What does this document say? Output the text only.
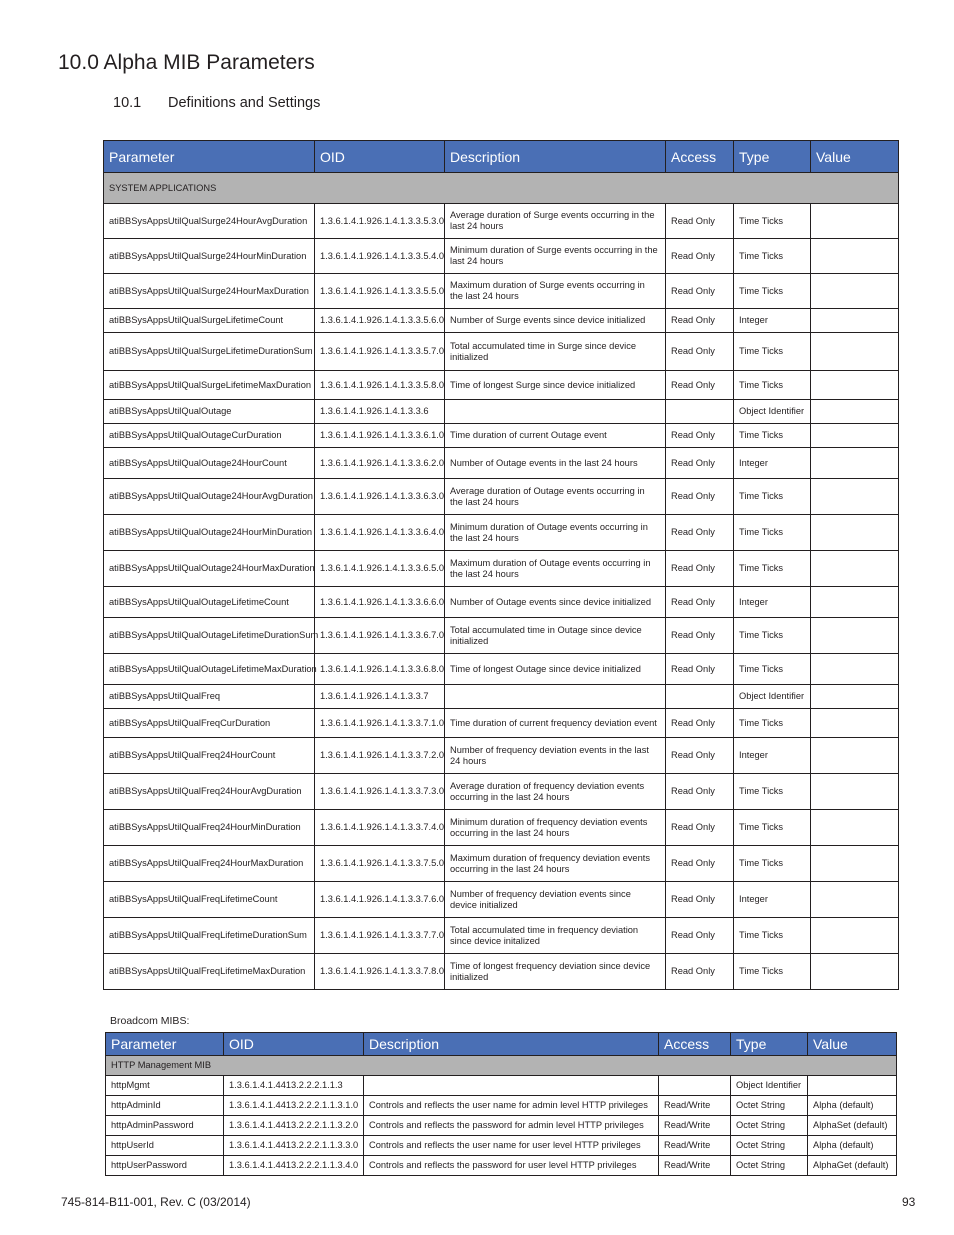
10.0 Alpha MIB Parameters
10.1 Definitions and Settings
Parameter	OID	Description	Access	Type	Value
SYSTEM APPLICATIONS					
atiBBSysAppsUtilQualSurge24HourAvgDuration	1.3.6.1.4.1.926.1.4.1.3.3.5.3.0	Average duration of Surge events occurring in the last 24 hours	Read Only	Time Ticks	
atiBBSysAppsUtilQualSurge24HourMinDuration	1.3.6.1.4.1.926.1.4.1.3.3.5.4.0	Minimum duration of Surge events occurring in the last 24 hours	Read Only	Time Ticks	
atiBBSysAppsUtilQualSurge24HourMaxDuration	1.3.6.1.4.1.926.1.4.1.3.3.5.5.0	Maximum duration of Surge events occurring in the last 24 hours	Read Only	Time Ticks	
atiBBSysAppsUtilQualSurgeLifetimeCount	1.3.6.1.4.1.926.1.4.1.3.3.5.6.0	Number of Surge events since device initialized	Read Only	Integer	
atiBBSysAppsUtilQualSurgeLifetimeDurationSum	1.3.6.1.4.1.926.1.4.1.3.3.5.7.0	Total accumulated time in Surge since device initialized	Read Only	Time Ticks	
atiBBSysAppsUtilQualSurgeLifetimeMaxDuration	1.3.6.1.4.1.926.1.4.1.3.3.5.8.0	Time of longest Surge since device initialized	Read Only	Time Ticks	
atiBBSysAppsUtilQualOutage	1.3.6.1.4.1.926.1.4.1.3.3.6			Object Identifier	
atiBBSysAppsUtilQualOutageCurDuration	1.3.6.1.4.1.926.1.4.1.3.3.6.1.0	Time duration of current Outage event	Read Only	Time Ticks	
atiBBSysAppsUtilQualOutage24HourCount	1.3.6.1.4.1.926.1.4.1.3.3.6.2.0	Number of Outage events in the last 24 hours	Read Only	Integer	
atiBBSysAppsUtilQualOutage24HourAvgDuration	1.3.6.1.4.1.926.1.4.1.3.3.6.3.0	Average duration of Outage events occurring in the last 24 hours	Read Only	Time Ticks	
atiBBSysAppsUtilQualOutage24HourMinDuration	1.3.6.1.4.1.926.1.4.1.3.3.6.4.0	Minimum duration of Outage events occurring in the last 24 hours	Read Only	Time Ticks	
atiBBSysAppsUtilQualOutage24HourMaxDuration	1.3.6.1.4.1.926.1.4.1.3.3.6.5.0	Maximum duration of Outage events occurring in the last 24 hours	Read Only	Time Ticks	
atiBBSysAppsUtilQualOutageLifetimeCount	1.3.6.1.4.1.926.1.4.1.3.3.6.6.0	Number of Outage events since device initialized	Read Only	Integer	
atiBBSysAppsUtilQualOutageLifetimeDurationSum	1.3.6.1.4.1.926.1.4.1.3.3.6.7.0	Total accumulated time in Outage since device initialized	Read Only	Time Ticks	
atiBBSysAppsUtilQualOutageLifetimeMaxDuration	1.3.6.1.4.1.926.1.4.1.3.3.6.8.0	Time of longest Outage since device initialized	Read Only	Time Ticks	
atiBBSysAppsUtilQualFreq	1.3.6.1.4.1.926.1.4.1.3.3.7			Object Identifier	
atiBBSysAppsUtilQualFreqCurDuration	1.3.6.1.4.1.926.1.4.1.3.3.7.1.0	Time duration of current frequency deviation event	Read Only	Time Ticks	
atiBBSysAppsUtilQualFreq24HourCount	1.3.6.1.4.1.926.1.4.1.3.3.7.2.0	Number of frequency deviation events in the last 24 hours	Read Only	Integer	
atiBBSysAppsUtilQualFreq24HourAvgDuration	1.3.6.1.4.1.926.1.4.1.3.3.7.3.0	Average duration of frequency deviation events occurring in the last 24 hours	Read Only	Time Ticks	
atiBBSysAppsUtilQualFreq24HourMinDuration	1.3.6.1.4.1.926.1.4.1.3.3.7.4.0	Minimum duration of frequency deviation events occurring in the last 24 hours	Read Only	Time Ticks	
atiBBSysAppsUtilQualFreq24HourMaxDuration	1.3.6.1.4.1.926.1.4.1.3.3.7.5.0	Maximum duration of frequency deviation events occurring in the last 24 hours	Read Only	Time Ticks	
atiBBSysAppsUtilQualFreqLifetimeCount	1.3.6.1.4.1.926.1.4.1.3.3.7.6.0	Number of frequency deviation events since device initialized	Read Only	Integer	
atiBBSysAppsUtilQualFreqLifetimeDurationSum	1.3.6.1.4.1.926.1.4.1.3.3.7.7.0	Total accumulated time in frequency deviation since device initalized	Read Only	Time Ticks	
atiBBSysAppsUtilQualFreqLifetimeMaxDuration	1.3.6.1.4.1.926.1.4.1.3.3.7.8.0	Time of longest frequency deviation since device initialized	Read Only	Time Ticks	
Broadcom MIBS:
Parameter	OID	Description	Access	Type	Value
HTTP Management MIB					
httpMgmt	1.3.6.1.4.1.4413.2.2.2.1.1.3			Object Identifier	
httpAdminId	1.3.6.1.4.1.4413.2.2.2.1.1.3.1.0	Controls and reflects the user name for admin level HTTP privileges	Read/Write	Octet String	Alpha (default)
httpAdminPassword	1.3.6.1.4.1.4413.2.2.2.1.1.3.2.0	Controls and reflects the password for admin level HTTP privileges	Read/Write	Octet String	AlphaSet (default)
httpUserId	1.3.6.1.4.1.4413.2.2.2.1.1.3.3.0	Controls and reflects the user name for user level HTTP privileges	Read/Write	Octet String	Alpha (default)
httpUserPassword	1.3.6.1.4.1.4413.2.2.2.1.1.3.4.0	Controls and reflects the password for user level HTTP privileges	Read/Write	Octet String	AlphaGet (default)
745-814-B11-001, Rev. C (03/2014)	93
